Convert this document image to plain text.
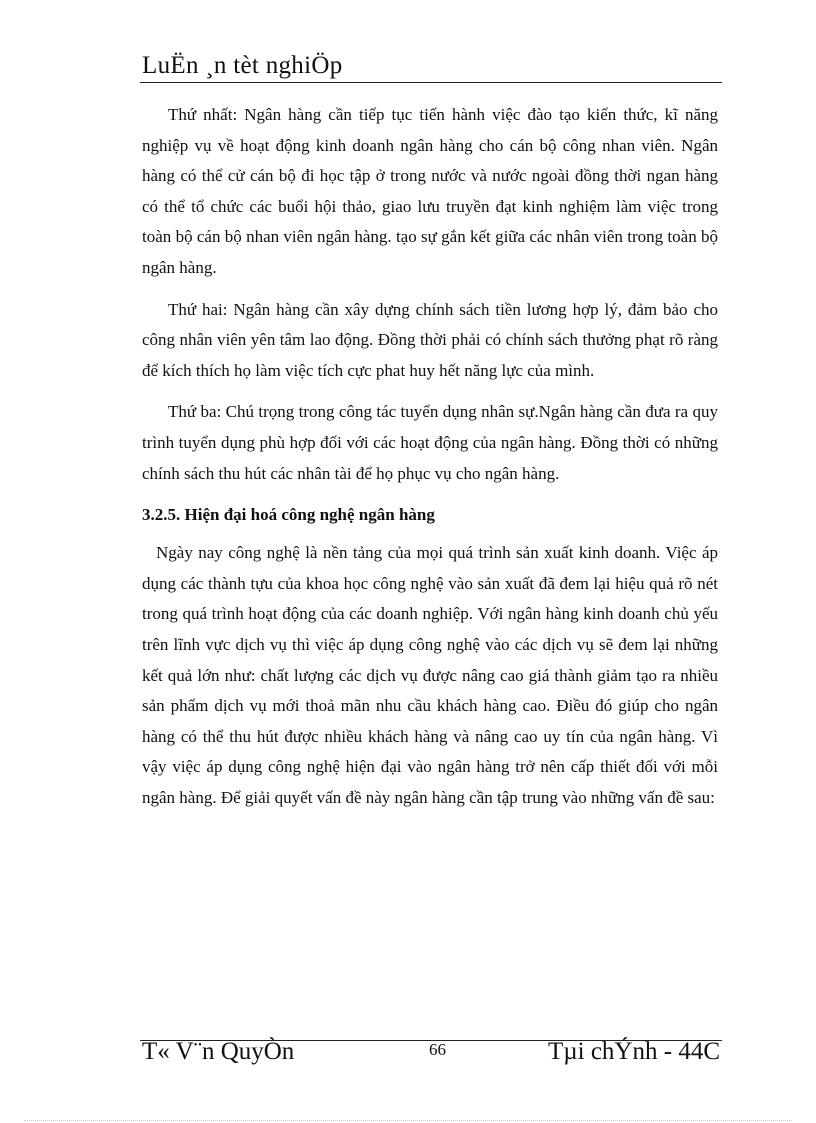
LuËn ¸n tèt nghiÖp

Thứ nhất: Ngân hàng cần tiếp tục tiến hành việc đào tạo kiến thức, kĩ năng nghiệp vụ về hoạt động kinh doanh ngân hàng cho cán bộ công nhan viên. Ngân hàng có thể cử cán bộ đi học tập ở trong nước và nước ngoài đồng thời ngan hàng có thể tổ chức các buổi hội thảo, giao lưu truyền đạt kinh nghiệm làm việc trong toàn bộ cán bộ nhan viên ngân hàng. tạo sự gắn kết giữa các nhân viên trong toàn bộ ngân hàng.

Thứ hai: Ngân hàng cần xây dựng chính sách tiền lương hợp lý, đảm bảo cho công nhân viên yên tâm lao động. Đồng thời phải có chính sách thưởng phạt rõ ràng để kích thích họ làm việc tích cực phat huy hết năng lực của mình.

Thứ ba: Chú trọng trong công tác tuyển dụng nhân sự.Ngân hàng cần đưa ra quy trình tuyển dụng phù hợp đối với các hoạt động của ngân hàng. Đồng thời có những chính sách thu hút các nhân tài để họ phục vụ cho ngân hàng.

3.2.5. Hiện đại hoá công nghệ ngân hàng

Ngày nay công nghệ là nền tảng của mọi quá trình sản xuất kinh doanh. Việc áp dụng các thành tựu của khoa học công nghệ vào sản xuất đã đem lại hiệu quả rõ nét trong quá trình hoạt động của các doanh nghiệp. Với ngân hàng kinh doanh chủ yếu trên lĩnh vực dịch vụ thì việc áp dụng công nghệ vào các dịch vụ sẽ đem lại những kết quả lớn như: chất lượng các dịch vụ được nâng cao giá thành giảm tạo ra nhiều sản phẩm dịch vụ mới thoả mãn nhu cầu khách hàng cao. Điều đó giúp cho ngân hàng có thể thu hút được nhiều khách hàng và nâng cao uy tín của ngân hàng. Vì vậy việc áp dụng công nghệ hiện đại vào ngân hàng trở nên cấp thiết đối với mỗi ngân hàng. Để giải quyết vấn đề này ngân hàng cần tập trung vào những vấn đề sau:

T« V¨n QuyÒn	66	Tµi chÝnh - 44C
